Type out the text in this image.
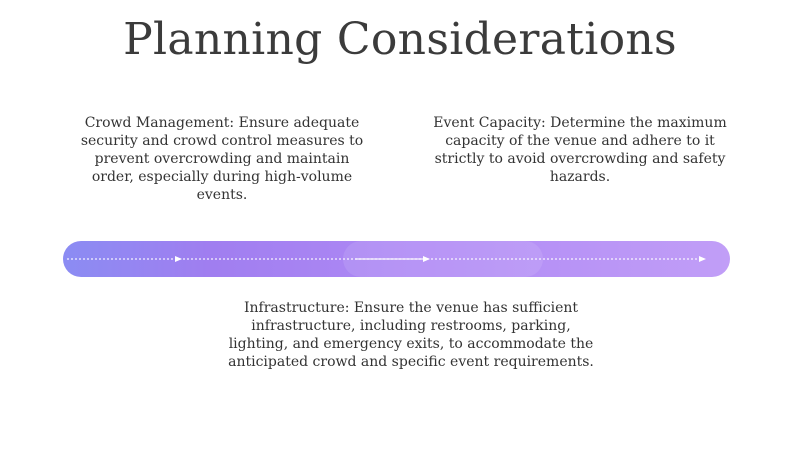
Planning Considerations

Crowd Management: Ensure adequate security and crowd control measures to prevent overcrowding and maintain order, especially during high-volume events.

Event Capacity: Determine the maximum capacity of the venue and adhere to it strictly to avoid overcrowding and safety hazards.

Infrastructure: Ensure the venue has sufficient infrastructure, including restrooms, parking, lighting, and emergency exits, to accommodate the anticipated crowd and specific event requirements.
